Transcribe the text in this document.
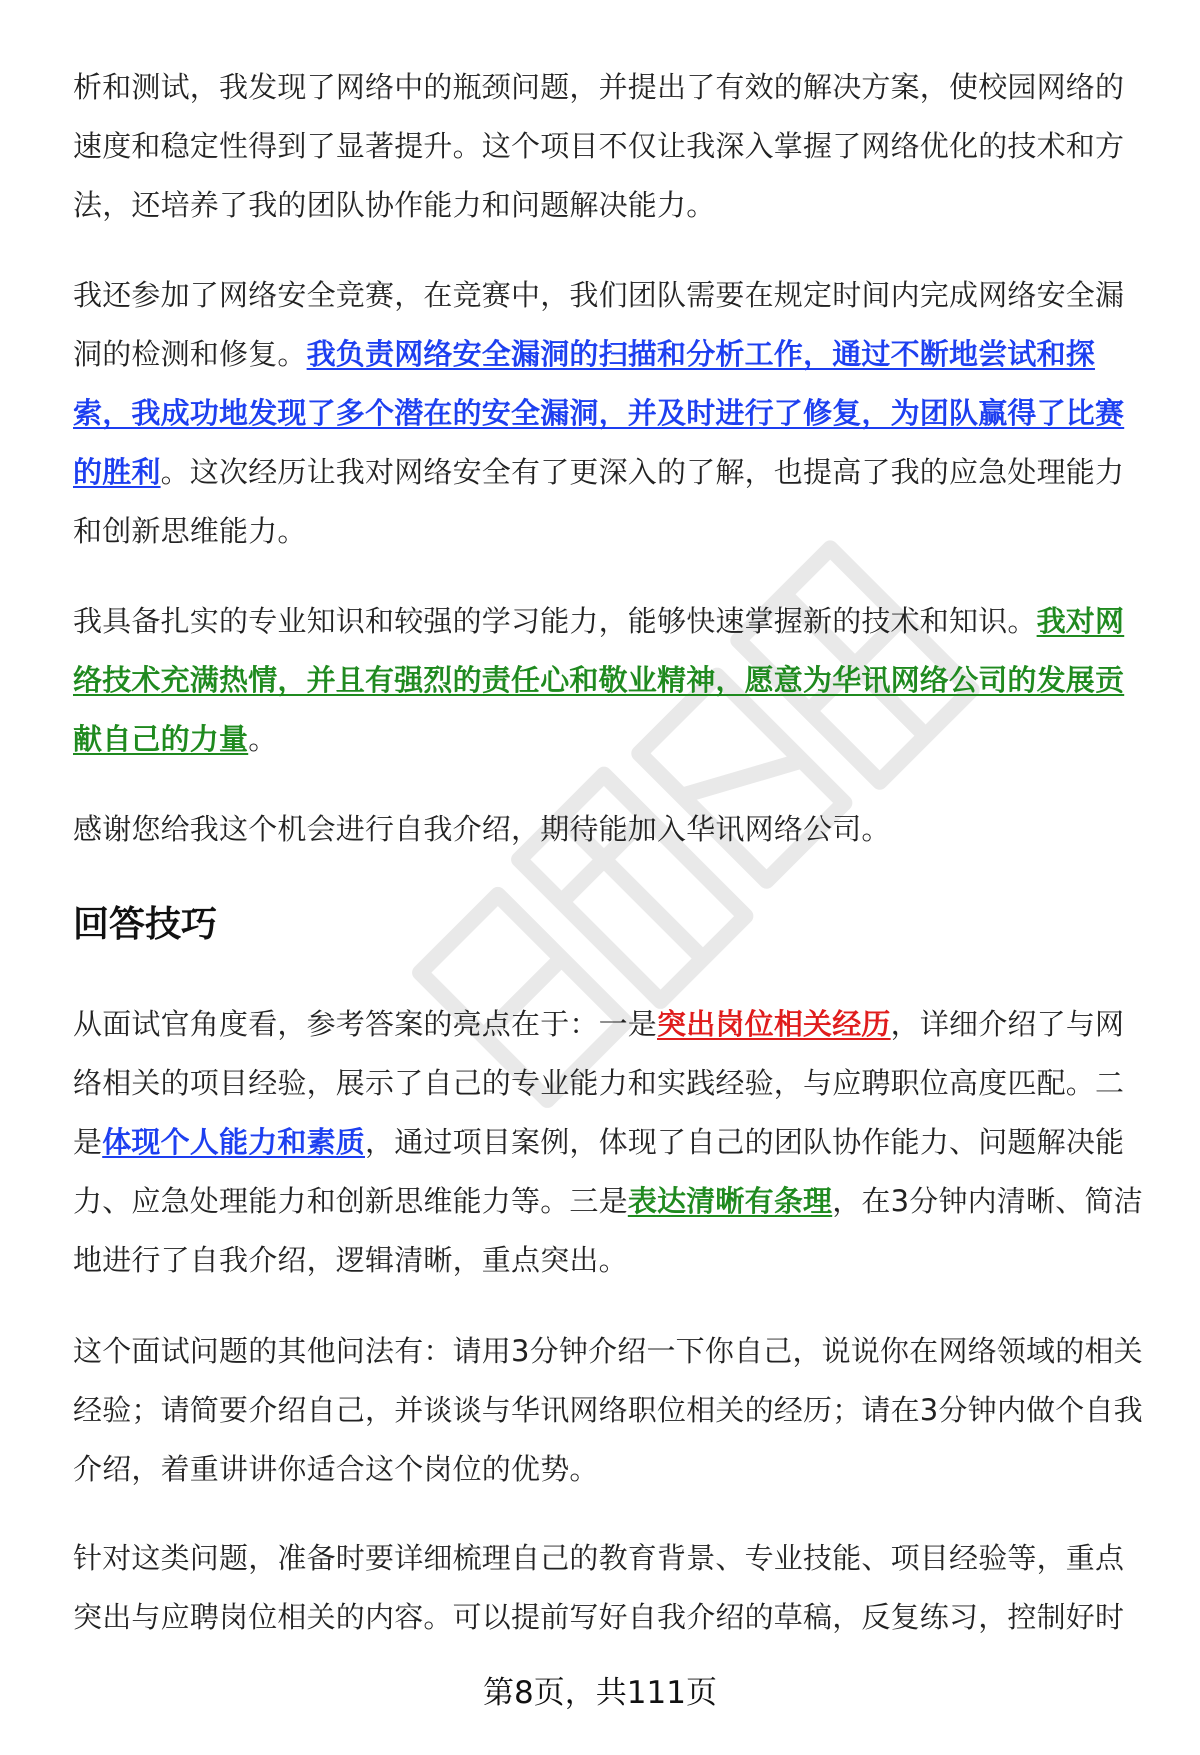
析和测试，我发现了网络中的瓶颈问题，并提出了有效的解决方案，使校园网络的速度和稳定性得到了显著提升。这个项目不仅让我深入掌握了网络优化的技术和方法，还培养了我的团队协作能力和问题解决能力。

我还参加了网络安全竞赛，在竞赛中，我们团队需要在规定时间内完成网络安全漏洞的检测和修复。我负责网络安全漏洞的扫描和分析工作，通过不断地尝试和探索，我成功地发现了多个潜在的安全漏洞，并及时进行了修复，为团队赢得了比赛的胜利。这次经历让我对网络安全有了更深入的了解，也提高了我的应急处理能力和创新思维能力。

我具备扎实的专业知识和较强的学习能力，能够快速掌握新的技术和知识。我对网络技术充满热情，并且有强烈的责任心和敬业精神，愿意为华讯网络公司的发展贡献自己的力量。

感谢您给我这个机会进行自我介绍，期待能加入华讯网络公司。

回答技巧

从面试官角度看，参考答案的亮点在于：一是突出岗位相关经历，详细介绍了与网络相关的项目经验，展示了自己的专业能力和实践经验，与应聘职位高度匹配。二是体现个人能力和素质，通过项目案例，体现了自己的团队协作能力、问题解决能力、应急处理能力和创新思维能力等。三是表达清晰有条理，在3分钟内清晰、简洁地进行了自我介绍，逻辑清晰，重点突出。

这个面试问题的其他问法有：请用3分钟介绍一下你自己，说说你在网络领域的相关经验；请简要介绍自己，并谈谈与华讯网络职位相关的经历；请在3分钟内做个自我介绍，着重讲讲你适合这个岗位的优势。

针对这类问题，准备时要详细梳理自己的教育背景、专业技能、项目经验等，重点突出与应聘岗位相关的内容。可以提前写好自我介绍的草稿，反复练习，控制好时

第8页，共111页
